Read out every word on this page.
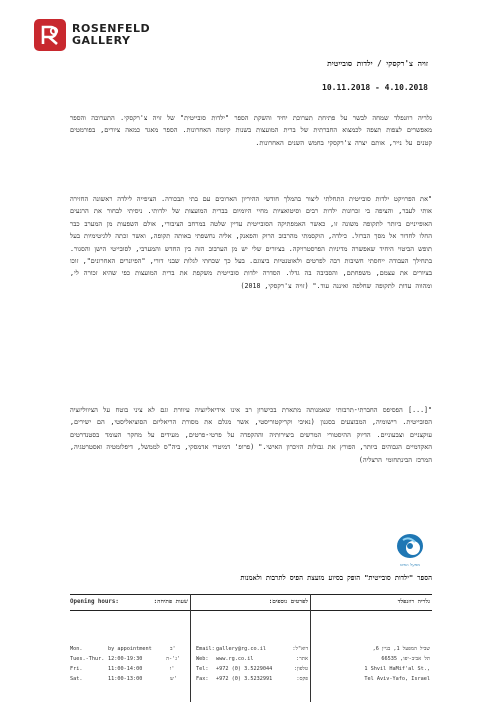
ROSENFELD
GALLERY
זויה צ'רקסקי / ילדות סובייטית
10.11.2018 - 4.10.2018

גלריה רוזנפלד שמחה לבשר על פתיחת תערוכת יחיד והשקת הספר "ילדות סובייטית" של זויה צ'רקסקי. התערוכה והספר מאפשרים לצפות תצפה לכמצוא החברתית של ברית המועצות בשנות קיומה האחרונות. הספר מאגד כמאה ציורים, בפורמטים קטנים על נייר, אותם יצרה צ'רקסקי בחמש השנים האחרונות.

"את הפרויקט ילדות סובייטית התחלתי ליצור בהמלך חודשי ההיריון הארוכים עם בתי תבכורה. הציפייה לילדה ראשונה החזירה אותי לעבר, והציפה בי זכרונות ילדות רבים וסיטואציות מחיי היומיום בברית המועצות של ילדותי. ניסיתי לבחור את הרגעים האופייניים ביותר לתקופה משונה זו, כאשר האמפתיקה הסובייטית עדיין שלטה במרחב הציבורי, אולם השפעות מן המערב כבר החלו לחדור אל מסך הברזל. כילדה, הוקסמתי מהרבוב הרוק והפאנק, אליה נחשפתי באותה תקופה, ואשר זכתה ללגיטימיות בעל תופש הביטוי היחיד שאפשרה מדיניות הפרסטרויקה. בציורים שלי יש מן הערבוב הזה בין החדש והמערבי, לסובייטי הישן והסגור. בתחילך העבודה ייחסתי חשיבות רבה לפרטים ולאוטנטיות ביצוגם. בעל כך שכחתי לגלות שבני דורי, "הפיונרים האחרונים", זוכו בציורים את עצמם, משפחתם, והסביבה בה גדלו. הסדרה ילדות סובייטית משקפת את ברית המועצות כפי שהיא זכורה לי, ומהווה עדות לתקופה שחלפה ואיננה עוד." (זויה צ'רקסקי, 2018)

"[...] הפסיפס החברתי-תרבותי שאמנותה מתארת בכישרון רב אינו אידיאליזציה עיוורת וגם לא ציני בוטח על הציווליזציה הסובייטית. רישומיה, המבוצעים בסגנון (נאיבי וקריקטוריסטי, אשר מגלם את מסורת הריאליזם הסוציאליסטי, הם ישירים, עוקצניים וצבעוניים. הדיוק ההיסטורי המרשים ביצירותיה וההקפדה על פרטי-פרטים, מעידים על מחקר העומד בסטנדרטים האקדמיים הגבוהים ביותר, הפורץ את גבולות הזיכרון האישי." (פרופ' דמיטרי אדמסקי, ביה"ס לממשל, דיפלומטיה ואסטרטגיה, המרכז הבינתחומי הרצליה)

מפעל הפיס
הספר "ילדות סובייטית" הופק בסיוע מועצת הפיס לתרבות ולאמנות
Opening hours:	שעות פתיחה:	לפרטים נוספים:	גלריה רוזנפלד
Mon.	by appointment	ב'
Tues.-Thur. 12:00-19:30	ג'-ה'
Fri.	11:00-14:00	ו'
Sat.	11:00-13:00	ש'
Email: gallery@rg.co.il	דוא"ל:
Web: www.rg.co.il	אתר:
Tel: +972 (0) 3.5229044	טלפון:
Fax: +972 (0) 3.5232991	פקס:
שביל המפעל 1, בניין 6,
תל אביב-יפו, 66535
1 Shvil HaMif'al St.,
Tel Aviv-Yafo, Israel
